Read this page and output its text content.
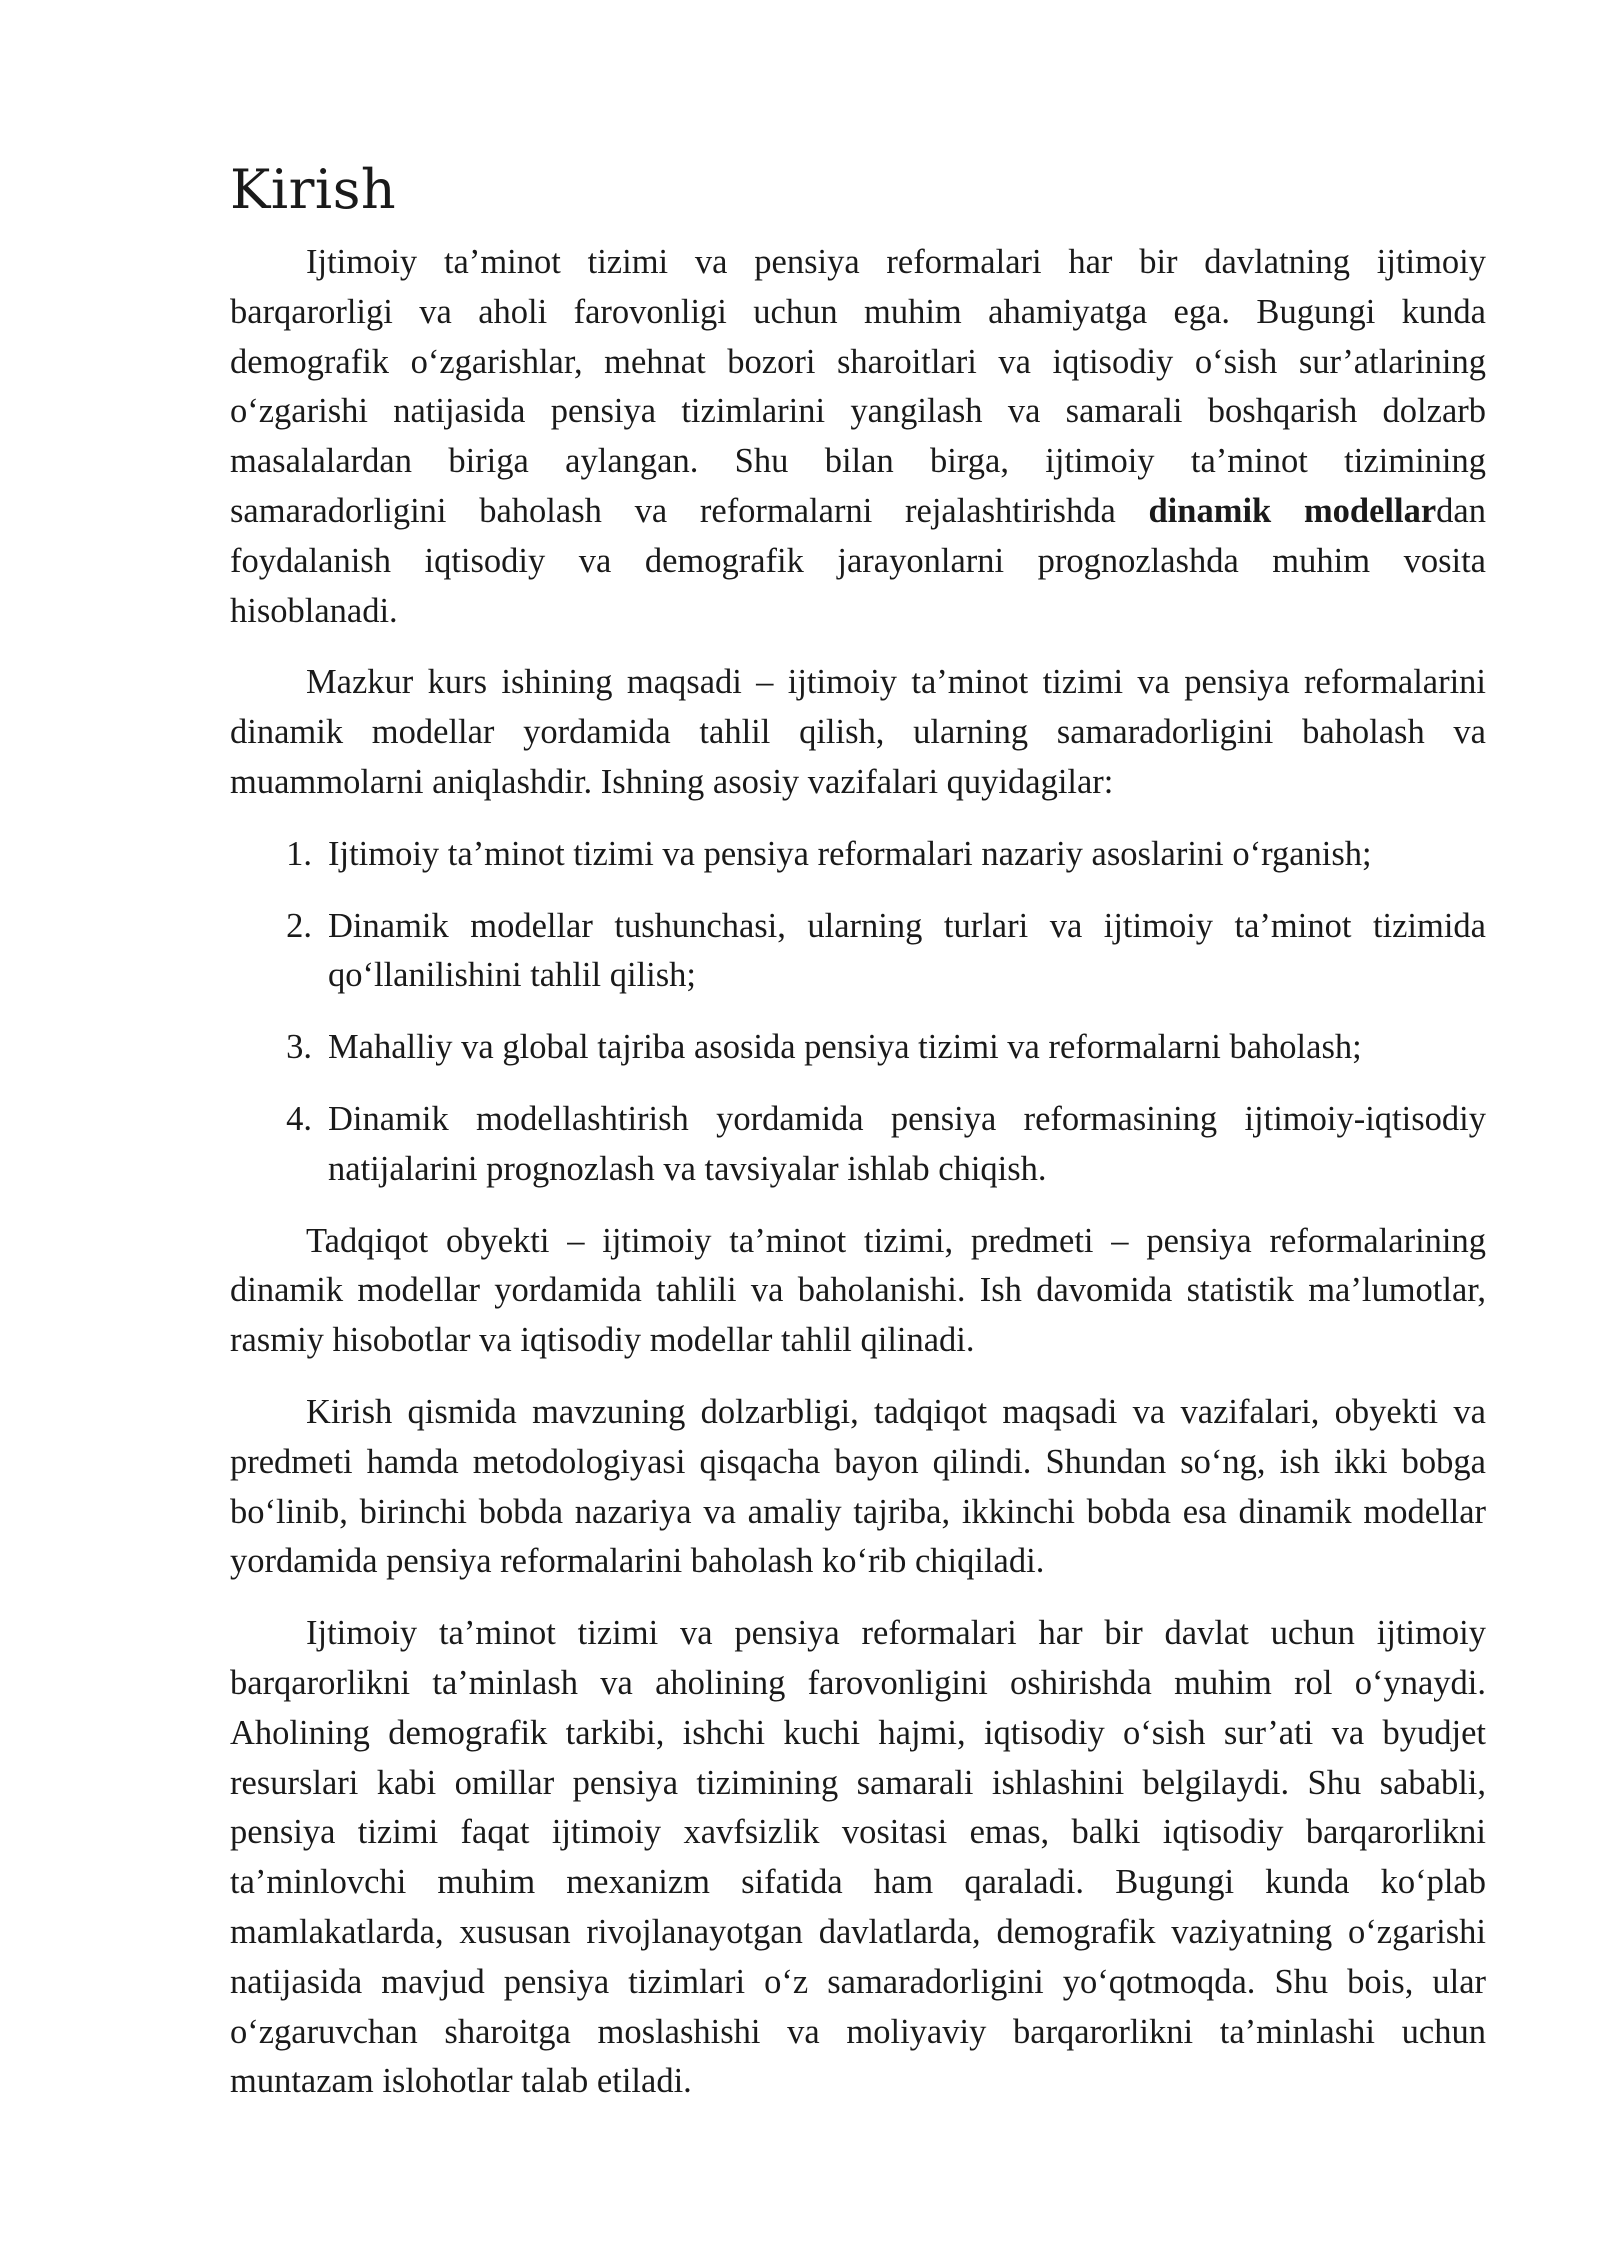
Kirish

Ijtimoiy ta’minot tizimi va pensiya reformalari har bir davlatning ijtimoiy barqarorligi va aholi farovonligi uchun muhim ahamiyatga ega. Bugungi kunda demografik o‘zgarishlar, mehnat bozori sharoitlari va iqtisodiy o‘sish sur’atlarining o‘zgarishi natijasida pensiya tizimlarini yangilash va samarali boshqarish dolzarb masalalardan biriga aylangan. Shu bilan birga, ijtimoiy ta’minot tizimining samaradorligini baholash va reformalarni rejalashtirishda dinamik modellardan foydalanish iqtisodiy va demografik jarayonlarni prognozlashda muhim vosita hisoblanadi.

Mazkur kurs ishining maqsadi – ijtimoiy ta’minot tizimi va pensiya reformalarini dinamik modellar yordamida tahlil qilish, ularning samaradorligini baholash va muammolarni aniqlashdir. Ishning asosiy vazifalari quyidagilar:

1. Ijtimoiy ta’minot tizimi va pensiya reformalari nazariy asoslarini o‘rganish;
2. Dinamik modellar tushunchasi, ularning turlari va ijtimoiy ta’minot tizimida qo‘llanilishini tahlil qilish;
3. Mahalliy va global tajriba asosida pensiya tizimi va reformalarni baholash;
4. Dinamik modellashtirish yordamida pensiya reformasining ijtimoiy-iqtisodiy natijalarini prognozlash va tavsiyalar ishlab chiqish.

Tadqiqot obyekti – ijtimoiy ta’minot tizimi, predmeti – pensiya reformalarining dinamik modellar yordamida tahlili va baholanishi. Ish davomida statistik ma’lumotlar, rasmiy hisobotlar va iqtisodiy modellar tahlil qilinadi.

Kirish qismida mavzuning dolzarbligi, tadqiqot maqsadi va vazifalari, obyekti va predmeti hamda metodologiyasi qisqacha bayon qilindi. Shundan so‘ng, ish ikki bobga bo‘linib, birinchi bobda nazariya va amaliy tajriba, ikkinchi bobda esa dinamik modellar yordamida pensiya reformalarini baholash ko‘rib chiqiladi.

Ijtimoiy ta’minot tizimi va pensiya reformalari har bir davlat uchun ijtimoiy barqarorlikni ta’minlash va aholining farovonligini oshirishda muhim rol o‘ynaydi. Aholining demografik tarkibi, ishchi kuchi hajmi, iqtisodiy o‘sish sur’ati va byudjet resurslari kabi omillar pensiya tizimining samarali ishlashini belgilaydi. Shu sababli, pensiya tizimi faqat ijtimoiy xavfsizlik vositasi emas, balki iqtisodiy barqarorlikni ta’minlovchi muhim mexanizm sifatida ham qaraladi. Bugungi kunda ko‘plab mamlakatlarda, xususan rivojlanayotgan davlatlarda, demografik vaziyatning o‘zgarishi natijasida mavjud pensiya tizimlari o‘z samaradorligini yo‘qotmoqda. Shu bois, ular o‘zgaruvchan sharoitga moslashishi va moliyaviy barqarorlikni ta’minlashi uchun muntazam islohotlar talab etiladi.
